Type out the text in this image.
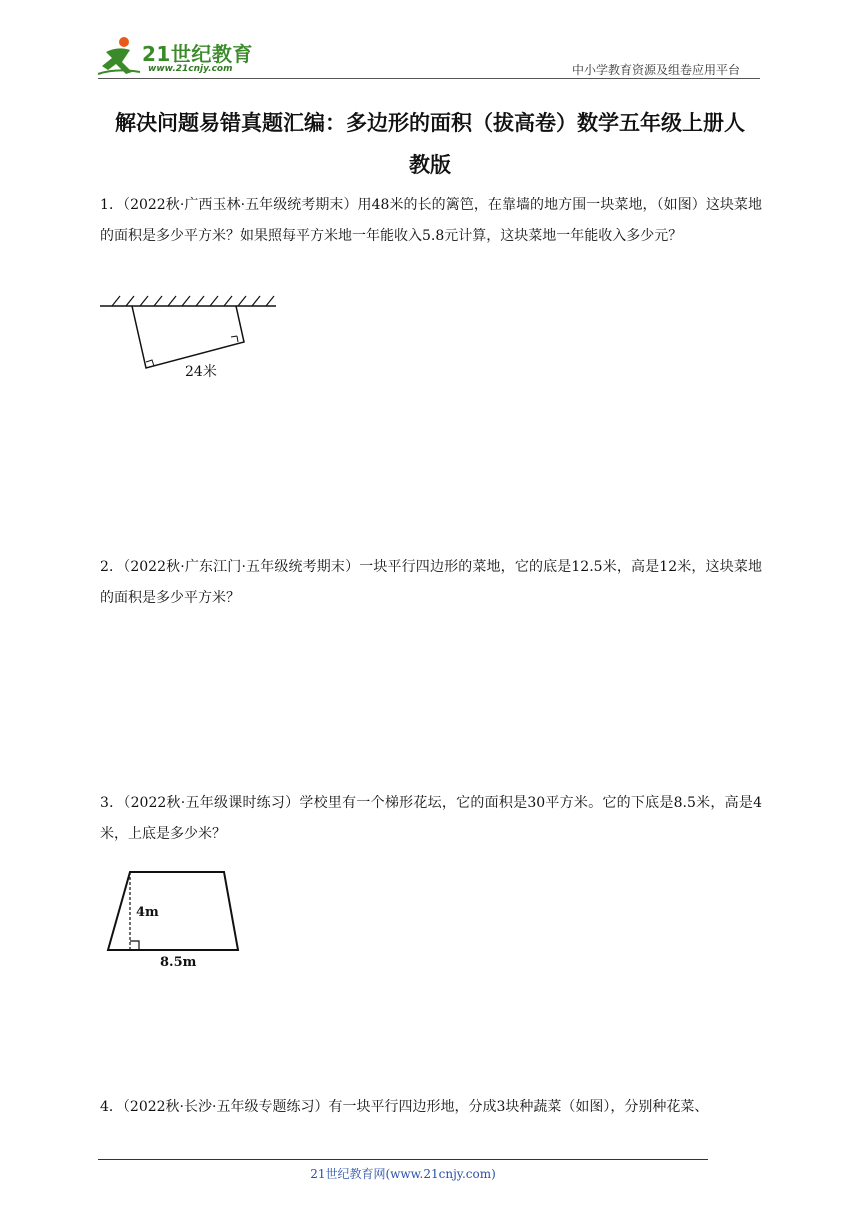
21世纪教育
www.21cnjy.com	中小学教育资源及组卷应用平台
解决问题易错真题汇编：多边形的面积（拔高卷）数学五年级上册人
教版
1．（2022秋·广西玉林·五年级统考期末）用48米的长的篱笆，在靠墙的地方围一块菜地，（如图）这块菜地的面积是多少平方米？如果照每平方米地一年能收入5.8元计算，这块菜地一年能收入多少元？
24米
2．（2022秋·广东江门·五年级统考期末）一块平行四边形的菜地，它的底是12.5米，高是12米，这块菜地的面积是多少平方米？
3．（2022秋·五年级课时练习）学校里有一个梯形花坛，它的面积是30平方米。它的下底是8.5米，高是4米，上底是多少米？
4m
8.5m
4．（2022秋·长沙·五年级专题练习）有一块平行四边形地，分成3块种蔬菜（如图），分别种花菜、
21世纪教育网(www.21cnjy.com)
